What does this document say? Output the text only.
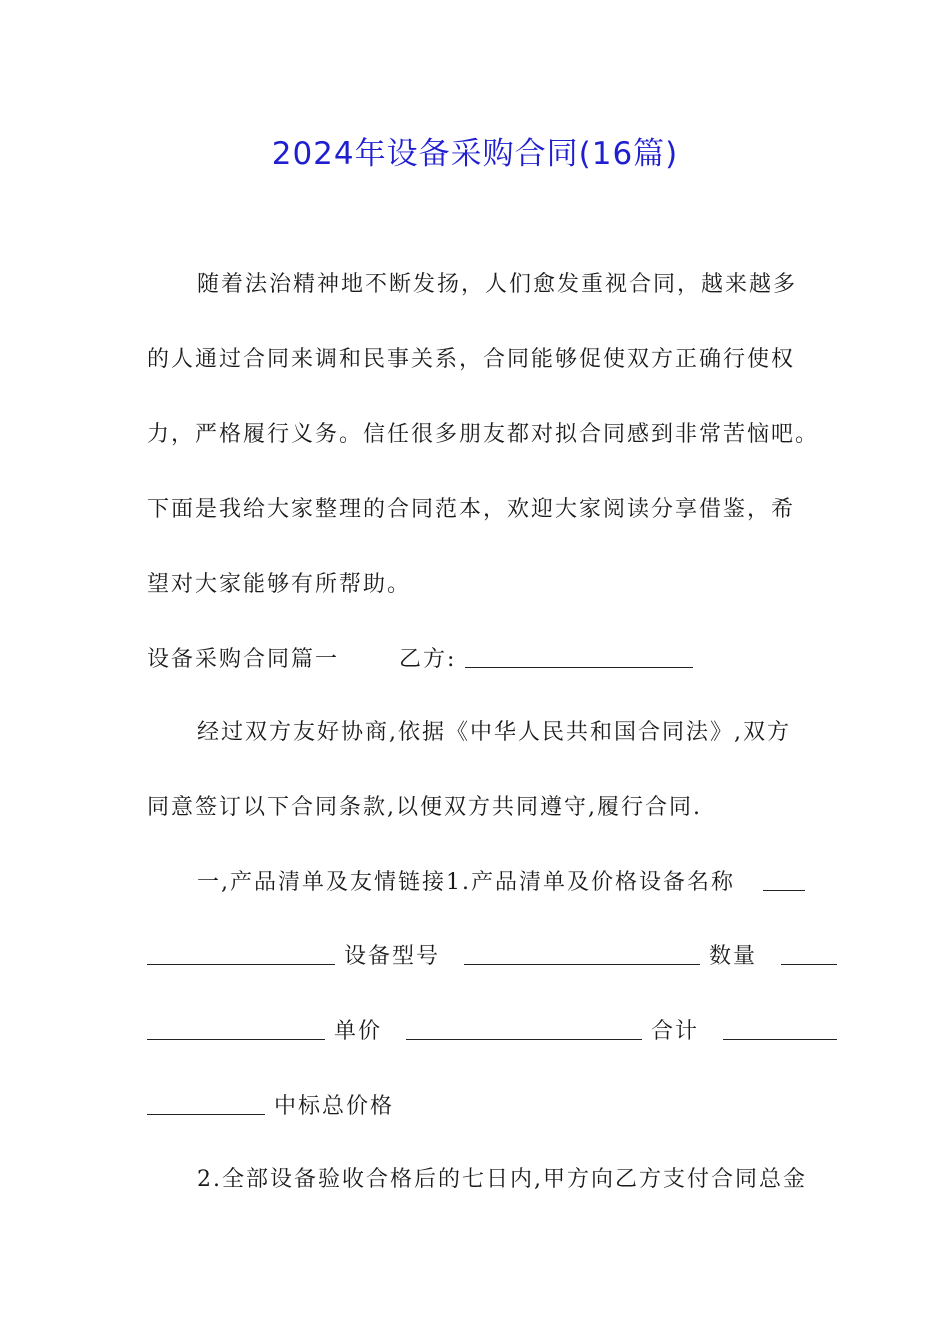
2024年设备采购合同(16篇)
随着法治精神地不断发扬，人们愈发重视合同，越来越多
的人通过合同来调和民事关系，合同能够促使双方正确行使权
力，严格履行义务。信任很多朋友都对拟合同感到非常苦恼吧。
下面是我给大家整理的合同范本，欢迎大家阅读分享借鉴，希
望对大家能够有所帮助。
设备采购合同篇一	乙方:
经过双方友好协商,依据《中华人民共和国合同法》,双方
同意签订以下合同条款,以便双方共同遵守,履行合同.
一,产品清单及友情链接1.产品清单及价格设备名称
设备型号	数量
单价	合计
中标总价格
2.全部设备验收合格后的七日内,甲方向乙方支付合同总金
